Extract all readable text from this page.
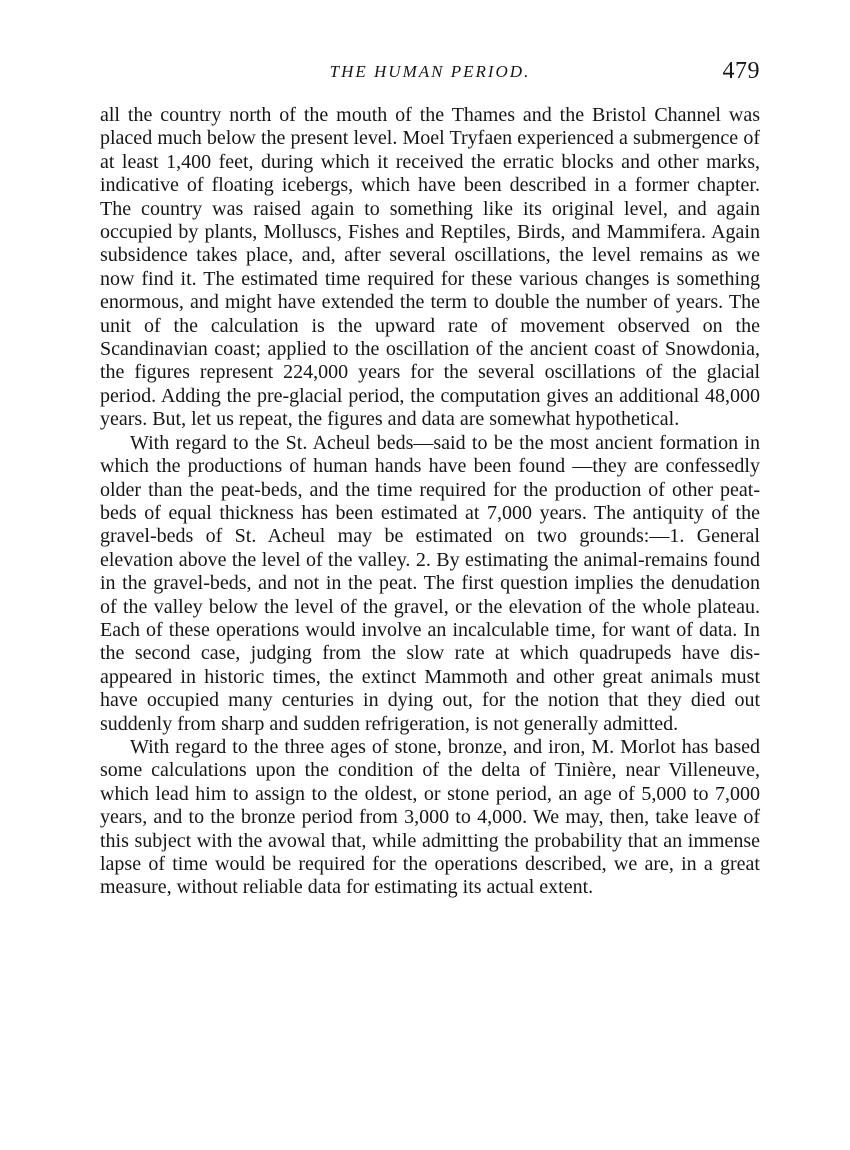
THE HUMAN PERIOD.	479

all the country north of the mouth of the Thames and the Bristol Channel was placed much below the present level. Moel Tryfaen experienced a submergence of at least 1,400 feet, during which it received the erratic blocks and other marks, indicative of floating icebergs, which have been described in a former chapter. The country was raised again to something like its original level, and again occupied by plants, Molluscs, Fishes and Reptiles, Birds, and Mammifera. Again subsidence takes place, and, after several oscillations, the level remains as we now find it. The estimated time required for these various changes is something enormous, and might have extended the term to double the number of years. The unit of the calculation is the upward rate of movement observed on the Scandinavian coast; applied to the oscillation of the ancient coast of Snowdonia, the figures represent 224,000 years for the several oscillations of the glacial period. Adding the pre-glacial period, the computation gives an additional 48,000 years. But, let us repeat, the figures and data are somewhat hypothetical.

With regard to the St. Acheul beds—said to be the most ancient formation in which the productions of human hands have been found —they are confessedly older than the peat-beds, and the time required for the production of other peat-beds of equal thickness has been estimated at 7,000 years. The antiquity of the gravel-beds of St. Acheul may be estimated on two grounds:—1. General elevation above the level of the valley. 2. By estimating the animal-remains found in the gravel-beds, and not in the peat. The first question implies the denudation of the valley below the level of the gravel, or the elevation of the whole plateau. Each of these operations would involve an incalculable time, for want of data. In the second case, judging from the slow rate at which quadrupeds have disappeared in historic times, the extinct Mammoth and other great animals must have occupied many centuries in dying out, for the notion that they died out suddenly from sharp and sudden refrigeration, is not generally admitted.

With regard to the three ages of stone, bronze, and iron, M. Morlot has based some calculations upon the condition of the delta of Tinière, near Villeneuve, which lead him to assign to the oldest, or stone period, an age of 5,000 to 7,000 years, and to the bronze period from 3,000 to 4,000. We may, then, take leave of this subject with the avowal that, while admitting the probability that an immense lapse of time would be required for the operations described, we are, in a great measure, without reliable data for estimating its actual extent.
